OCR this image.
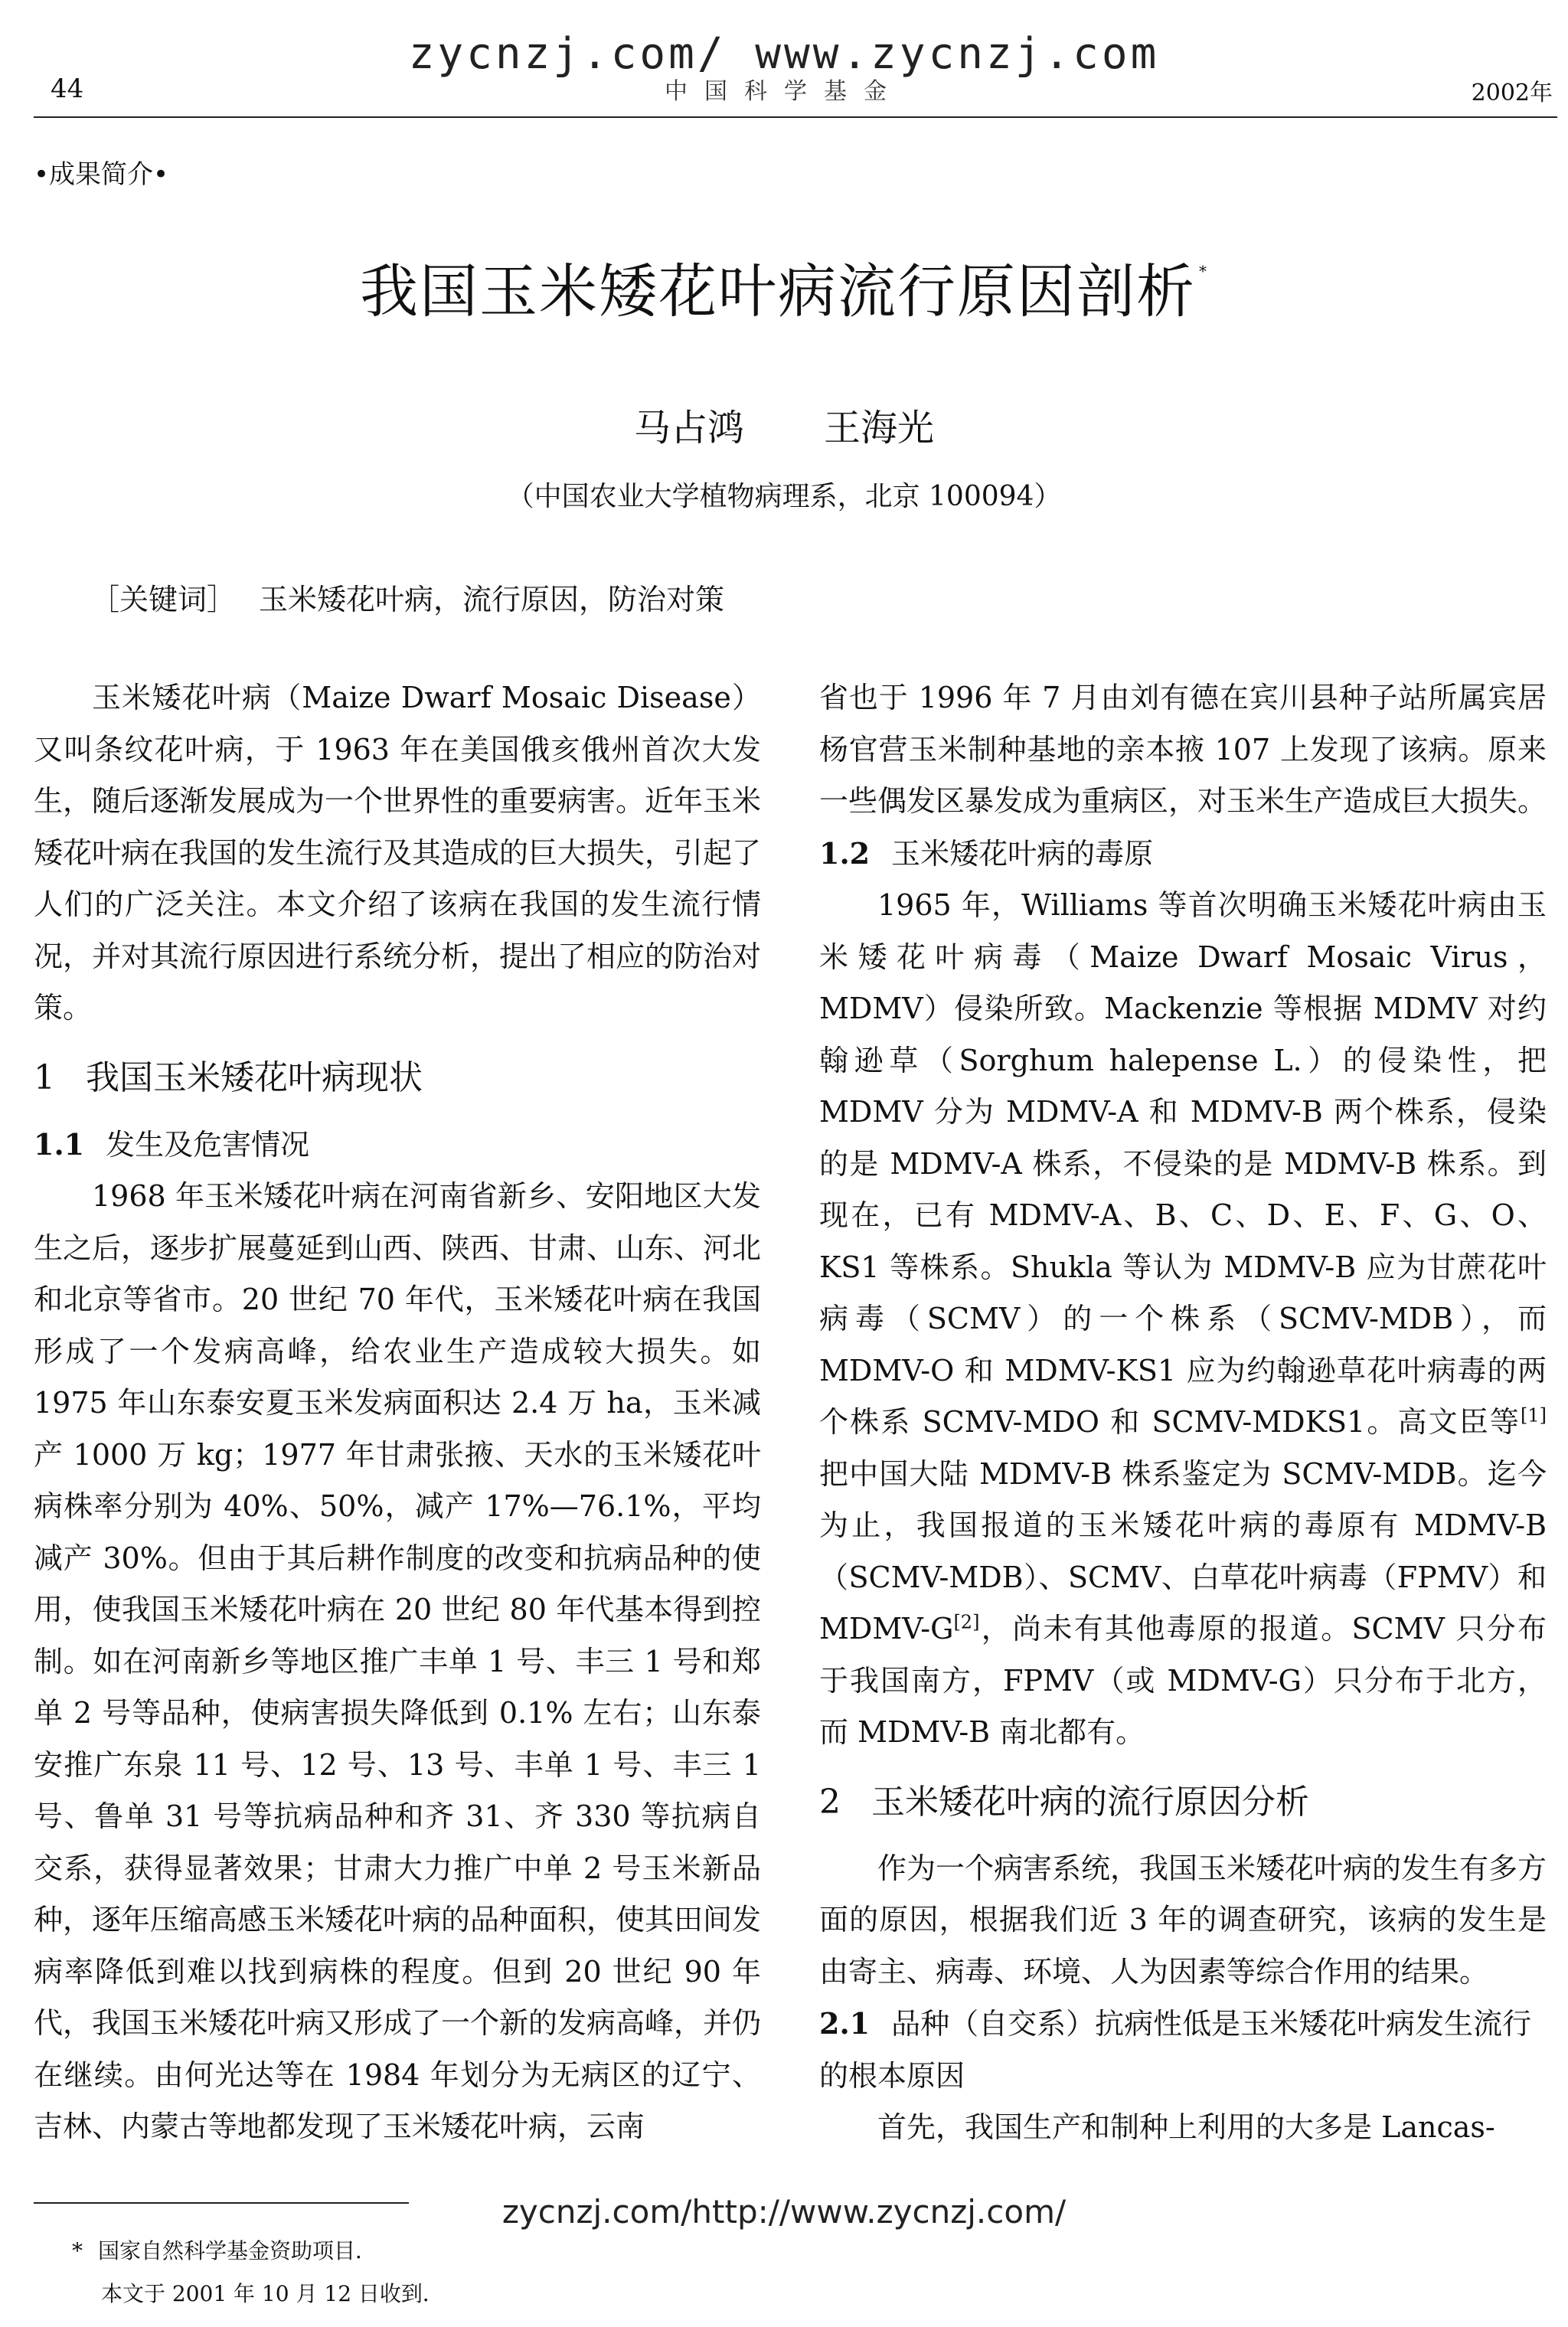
zycnzj.com/ www.zycnzj.com
44	中国科学基金	2002年
•成果简介•
我国玉米矮花叶病流行原因剖析 *
马占鸿 王海光
（中国农业大学植物病理系，北京 100094）
［关键词］ 玉米矮花叶病，流行原因，防治对策

玉米矮花叶病（Maize Dwarf Mosaic Disease）又叫条纹花叶病，于 1963 年在美国俄亥俄州首次大发生，随后逐渐发展成为一个世界性的重要病害。近年玉米矮花叶病在我国的发生流行及其造成的巨大损失，引起了人们的广泛关注。本文介绍了该病在我国的发生流行情况，并对其流行原因进行系统分析，提出了相应的防治对策。

1 我国玉米矮花叶病现状
1.1 发生及危害情况

1968 年玉米矮花叶病在河南省新乡、安阳地区大发生之后，逐步扩展蔓延到山西、陕西、甘肃、山东、河北和北京等省市。20 世纪 70 年代，玉米矮花叶病在我国形成了一个发病高峰，给农业生产造成较大损失。如 1975 年山东泰安夏玉米发病面积达 2.4 万 ha，玉米减产 1000 万 kg；1977 年甘肃张掖、天水的玉米矮花叶病株率分别为 40%、50%，减产 17%—76.1%，平均减产 30%。但由于其后耕作制度的改变和抗病品种的使用，使我国玉米矮花叶病在 20 世纪 80 年代基本得到控制。如在河南新乡等地区推广丰单 1 号、丰三 1 号和郑单 2 号等品种，使病害损失降低到 0.1% 左右；山东泰安推广东泉 11 号、12 号、13 号、丰单 1 号、丰三 1 号、鲁单 31 号等抗病品种和齐 31、齐 330 等抗病自交系，获得显著效果；甘肃大力推广中单 2 号玉米新品种，逐年压缩高感玉米矮花叶病的品种面积，使其田间发病率降低到难以找到病株的程度。但到 20 世纪 90 年代，我国玉米矮花叶病又形成了一个新的发病高峰，并仍在继续。由何光达等在 1984 年划分为无病区的辽宁、吉林、内蒙古等地都发现了玉米矮花叶病，云南

省也于 1996 年 7 月由刘有德在宾川县种子站所属宾居杨官营玉米制种基地的亲本掖 107 上发现了该病。原来一些偶发区暴发成为重病区，对玉米生产造成巨大损失。

1.2 玉米矮花叶病的毒原

1965 年，Williams 等首次明确玉米矮花叶病由玉米矮花叶病毒（Maize Dwarf Mosaic Virus，MDMV）侵染所致。Mackenzie 等根据 MDMV 对约翰逊草（Sorghum halepense L.）的侵染性，把 MDMV 分为 MDMV-A 和 MDMV-B 两个株系，侵染的是 MDMV-A 株系，不侵染的是 MDMV-B 株系。到现在，已有 MDMV-A、B、C、D、E、F、G、O、KS1 等株系。Shukla 等认为 MDMV-B 应为甘蔗花叶病毒（SCMV）的一个株系（SCMV-MDB），而 MDMV-O 和 MDMV-KS1 应为约翰逊草花叶病毒的两个株系 SCMV-MDO 和 SCMV-MDKS1。高文臣等[1]把中国大陆 MDMV-B 株系鉴定为 SCMV-MDB。迄今为止，我国报道的玉米矮花叶病的毒原有 MDMV-B（SCMV-MDB）、SCMV、白草花叶病毒（FPMV）和 MDMV-G[2]，尚未有其他毒原的报道。SCMV 只分布于我国南方，FPMV（或 MDMV-G）只分布于北方，而 MDMV-B 南北都有。

2 玉米矮花叶病的流行原因分析

作为一个病害系统，我国玉米矮花叶病的发生有多方面的原因，根据我们近 3 年的调查研究，该病的发生是由寄主、病毒、环境、人为因素等综合作用的结果。

2.1 品种（自交系）抗病性低是玉米矮花叶病发生流行的根本原因

首先，我国生产和制种上利用的大多是 Lancas-

zycnzj.com/http://www.zycnzj.com/
* 国家自然科学基金资助项目．
本文于 2001 年 10 月 12 日收到．
